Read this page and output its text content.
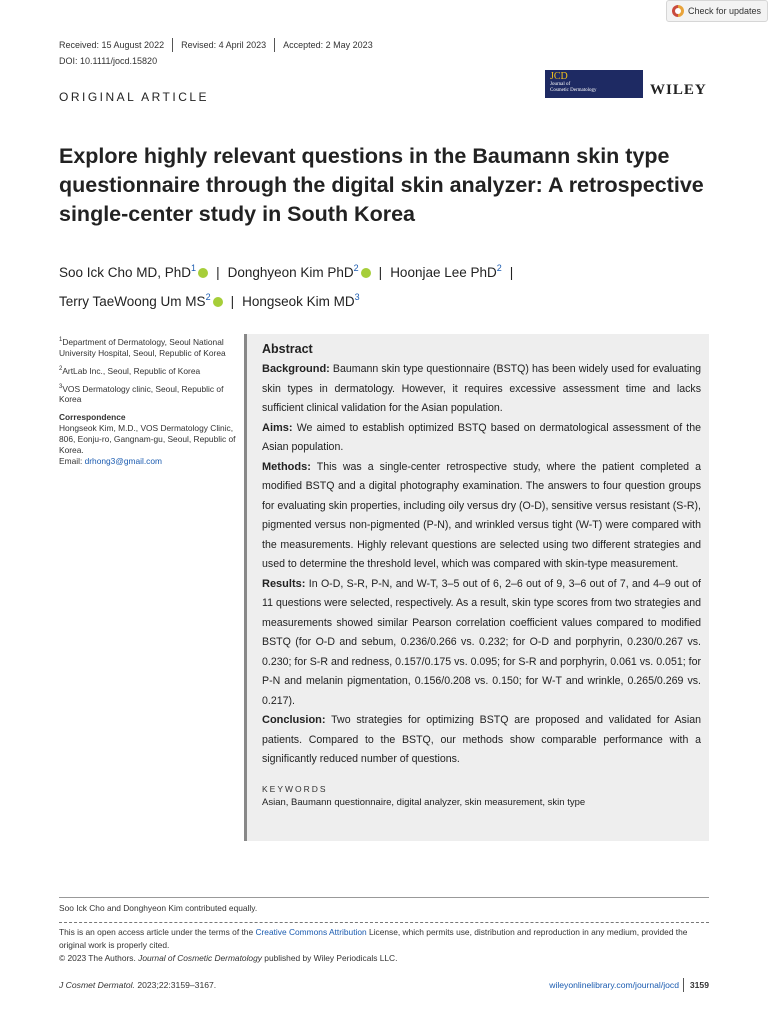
Check for updates
Received: 15 August 2022 Revised: 4 April 2023 Accepted: 2 May 2023
DOI: 10.1111/jocd.15820
JCD
Journal of
Cosmetic Dermatology	WILEY
ORIGINAL ARTICLE
Explore highly relevant questions in the Baumann skin type questionnaire through the digital skin analyzer: A retrospective single-center study in South Korea
Soo Ick Cho MD, PhD$^1$iD | Donghyeon Kim PhD$^2$iD | Hoonjae Lee PhD$^2$ |
Terry TaeWoong Um $MS^2iD$ | Hongseok Kim $MD^3$

$^1$Department of Dermatology, Seoul National University Hospital, Seoul, Republic of Korea

$^2$ArtLab Inc., Seoul, Republic of Korea

$^3$VOS Dermatology clinic, Seoul, Republic of Korea

Correspondence

Hongseok Kim, M.D., VOS Dermatology Clinic, 806, Eonju-ro, Gangnam-gu, Seoul, Republic of Korea.

Email: drhong3@gmail.com

Abstract

Background: Baumann skin type questionnaire (BSTQ) has been widely used for evaluating skin types in dermatology. However, it requires excessive assessment time and lacks sufficient clinical validation for the Asian population.

Aims: We aimed to establish optimized BSTQ based on dermatological assessment of the Asian population.

Methods: This was a single-center retrospective study, where the patient completed a modified BSTQ and a digital photography examination. The answers to four question groups for evaluating skin properties, including oily versus dry (O-D), sensitive versus resistant (S-R), pigmented versus non-pigmented (P-N), and wrinkled versus tight (W-T) were compared with the measurements. Highly relevant questions are selected using two different strategies and used to determine the threshold level, which was compared with skin-type measurement.

Results: In O-D, S-R, P-N, and W-T, 3–5 out of 6, 2–6 out of 9, 3–6 out of 7, and 4–9 out of 11 questions were selected, respectively. As a result, skin type scores from two strategies and measurements showed similar Pearson correlation coefficient values compared to modified BSTQ (for O-D and sebum, 0.236/0.266 vs. 0.232; for O-D and porphyrin, 0.230/0.267 vs. 0.230; for S-R and redness, 0.157/0.175 vs. 0.095; for S-R and porphyrin, 0.061 vs. 0.051; for P-N and melanin pigmentation, 0.156/0.208 vs. 0.150; for W-T and wrinkle, 0.265/0.269 vs. 0.217).

Conclusion: Two strategies for optimizing BSTQ are proposed and validated for Asian patients. Compared to the BSTQ, our methods show comparable performance with a significantly reduced number of questions.

KEYWORDS
Asian, Baumann questionnaire, digital analyzer, skin measurement, skin type
Soo Ick Cho and Donghyeon Kim contributed equally.
This is an open access article under the terms of the Creative Commons Attribution License, which permits use, distribution and reproduction in any medium, provided the original work is properly cited.
© 2023 The Authors. Journal of Cosmetic Dermatology published by Wiley Periodicals LLC.
J Cosmet Dermatol. 2023;22:3159–3167.	wileyonlinelibrary.com/journal/jocd 3159
